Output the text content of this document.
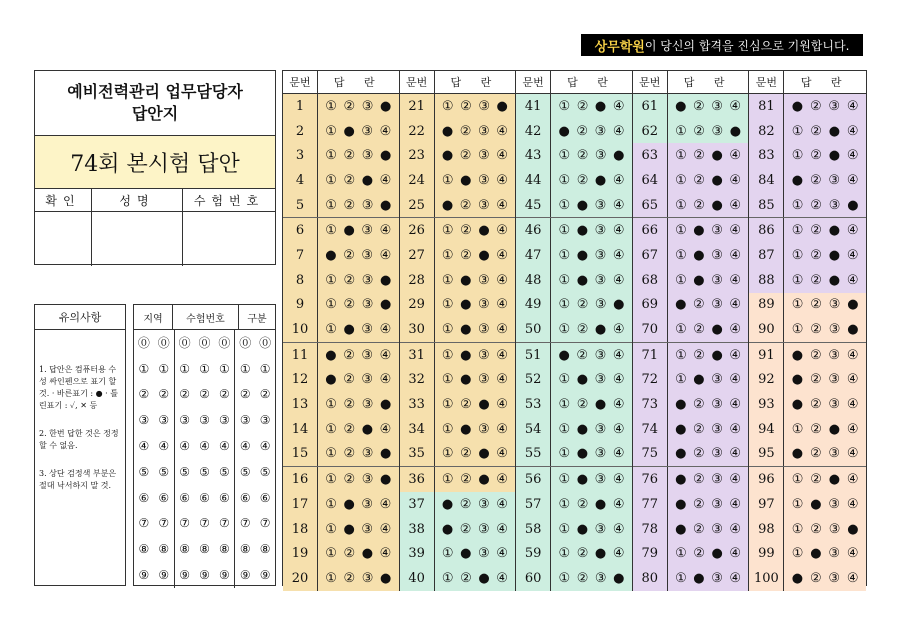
상무학원 이 당신의 합격을 진심으로 기원합니다.
예비전력관리 업무담당자
답안지
74회 본시험 답안
확인	성명	수험번호
유의사항

1. 답안은 컴퓨터용 수성 싸인펜으로 표기 할 것. · 바른표기 : ● · 틀린표기 : ✓, ✕ 등

2. 한번 답한 것은 정정할 수 없음.

3. 상단 검정색 부분은 절대 낙서하지 말 것.

지역	수험번호	구분
⓪ ⓪ ⓪ ⓪ ⓪ ⓪ ⓪
① ① ① ① ① ① ①
② ② ② ② ② ② ②
③ ③ ③ ③ ③ ③ ③
④ ④ ④ ④ ④ ④ ④
⑤ ⑤ ⑤ ⑤ ⑤ ⑤ ⑤
⑥ ⑥ ⑥ ⑥ ⑥ ⑥ ⑥
⑦ ⑦ ⑦ ⑦ ⑦ ⑦ ⑦
⑧ ⑧ ⑧ ⑧ ⑧ ⑧ ⑧
⑨ ⑨ ⑨ ⑨ ⑨ ⑨ ⑨
문번	답 란
1	① ② ③ ●
2	① ● ③ ④
3	① ② ③ ●
4	① ② ● ④
5	① ② ③ ●
6	① ● ③ ④
7	● ② ③ ④
8	① ② ③ ●
9	① ② ③ ●
10	① ● ③ ④
11	● ② ③ ④
12	● ② ③ ④
13	① ② ③ ●
14	① ② ● ④
15	① ② ③ ●
16	① ② ③ ●
17	① ● ③ ④
18	① ● ③ ④
19	① ② ● ④
20	① ② ③ ●
문번	답 란
21	① ② ③ ●
22	● ② ③ ④
23	● ② ③ ④
24	① ● ③ ④
25	● ② ③ ④
26	① ② ● ④
27	① ② ● ④
28	① ● ③ ④
29	① ● ③ ④
30	① ● ③ ④
31	① ● ③ ④
32	① ● ③ ④
33	① ② ● ④
34	① ● ③ ④
35	① ② ● ④
36	① ② ● ④
37	● ② ③ ④
38	● ② ③ ④
39	① ● ③ ④
40	① ② ● ④
문번	답 란
41	① ② ● ④
42	● ② ③ ④
43	① ② ③ ●
44	① ② ● ④
45	① ● ③ ④
46	① ● ③ ④
47	① ● ③ ④
48	① ● ③ ④
49	① ② ③ ●
50	① ② ● ④
51	● ② ③ ④
52	① ● ③ ④
53	① ② ● ④
54	① ● ③ ④
55	① ● ③ ④
56	① ● ③ ④
57	① ② ● ④
58	① ● ③ ④
59	① ② ● ④
60	① ② ③ ●
문번	답 란
61	● ② ③ ④
62	① ② ③ ●
63	① ② ● ④
64	① ② ● ④
65	① ② ● ④
66	① ● ③ ④
67	① ● ③ ④
68	① ● ③ ④
69	● ② ③ ④
70	① ② ● ④
71	① ② ● ④
72	① ● ③ ④
73	● ② ③ ④
74	● ② ③ ④
75	● ② ③ ④
76	● ② ③ ④
77	● ② ③ ④
78	● ② ③ ④
79	① ② ● ④
80	① ● ③ ④
문번	답 란
81	● ② ③ ④
82	① ② ● ④
83	① ② ● ④
84	● ② ③ ④
85	① ② ③ ●
86	① ② ● ④
87	① ② ● ④
88	① ② ● ④
89	① ② ③ ●
90	① ② ③ ●
91	● ② ③ ④
92	● ② ③ ④
93	● ② ③ ④
94	① ② ● ④
95	● ② ③ ④
96	① ② ● ④
97	① ● ③ ④
98	① ② ③ ●
99	① ● ③ ④
100	● ② ③ ④
